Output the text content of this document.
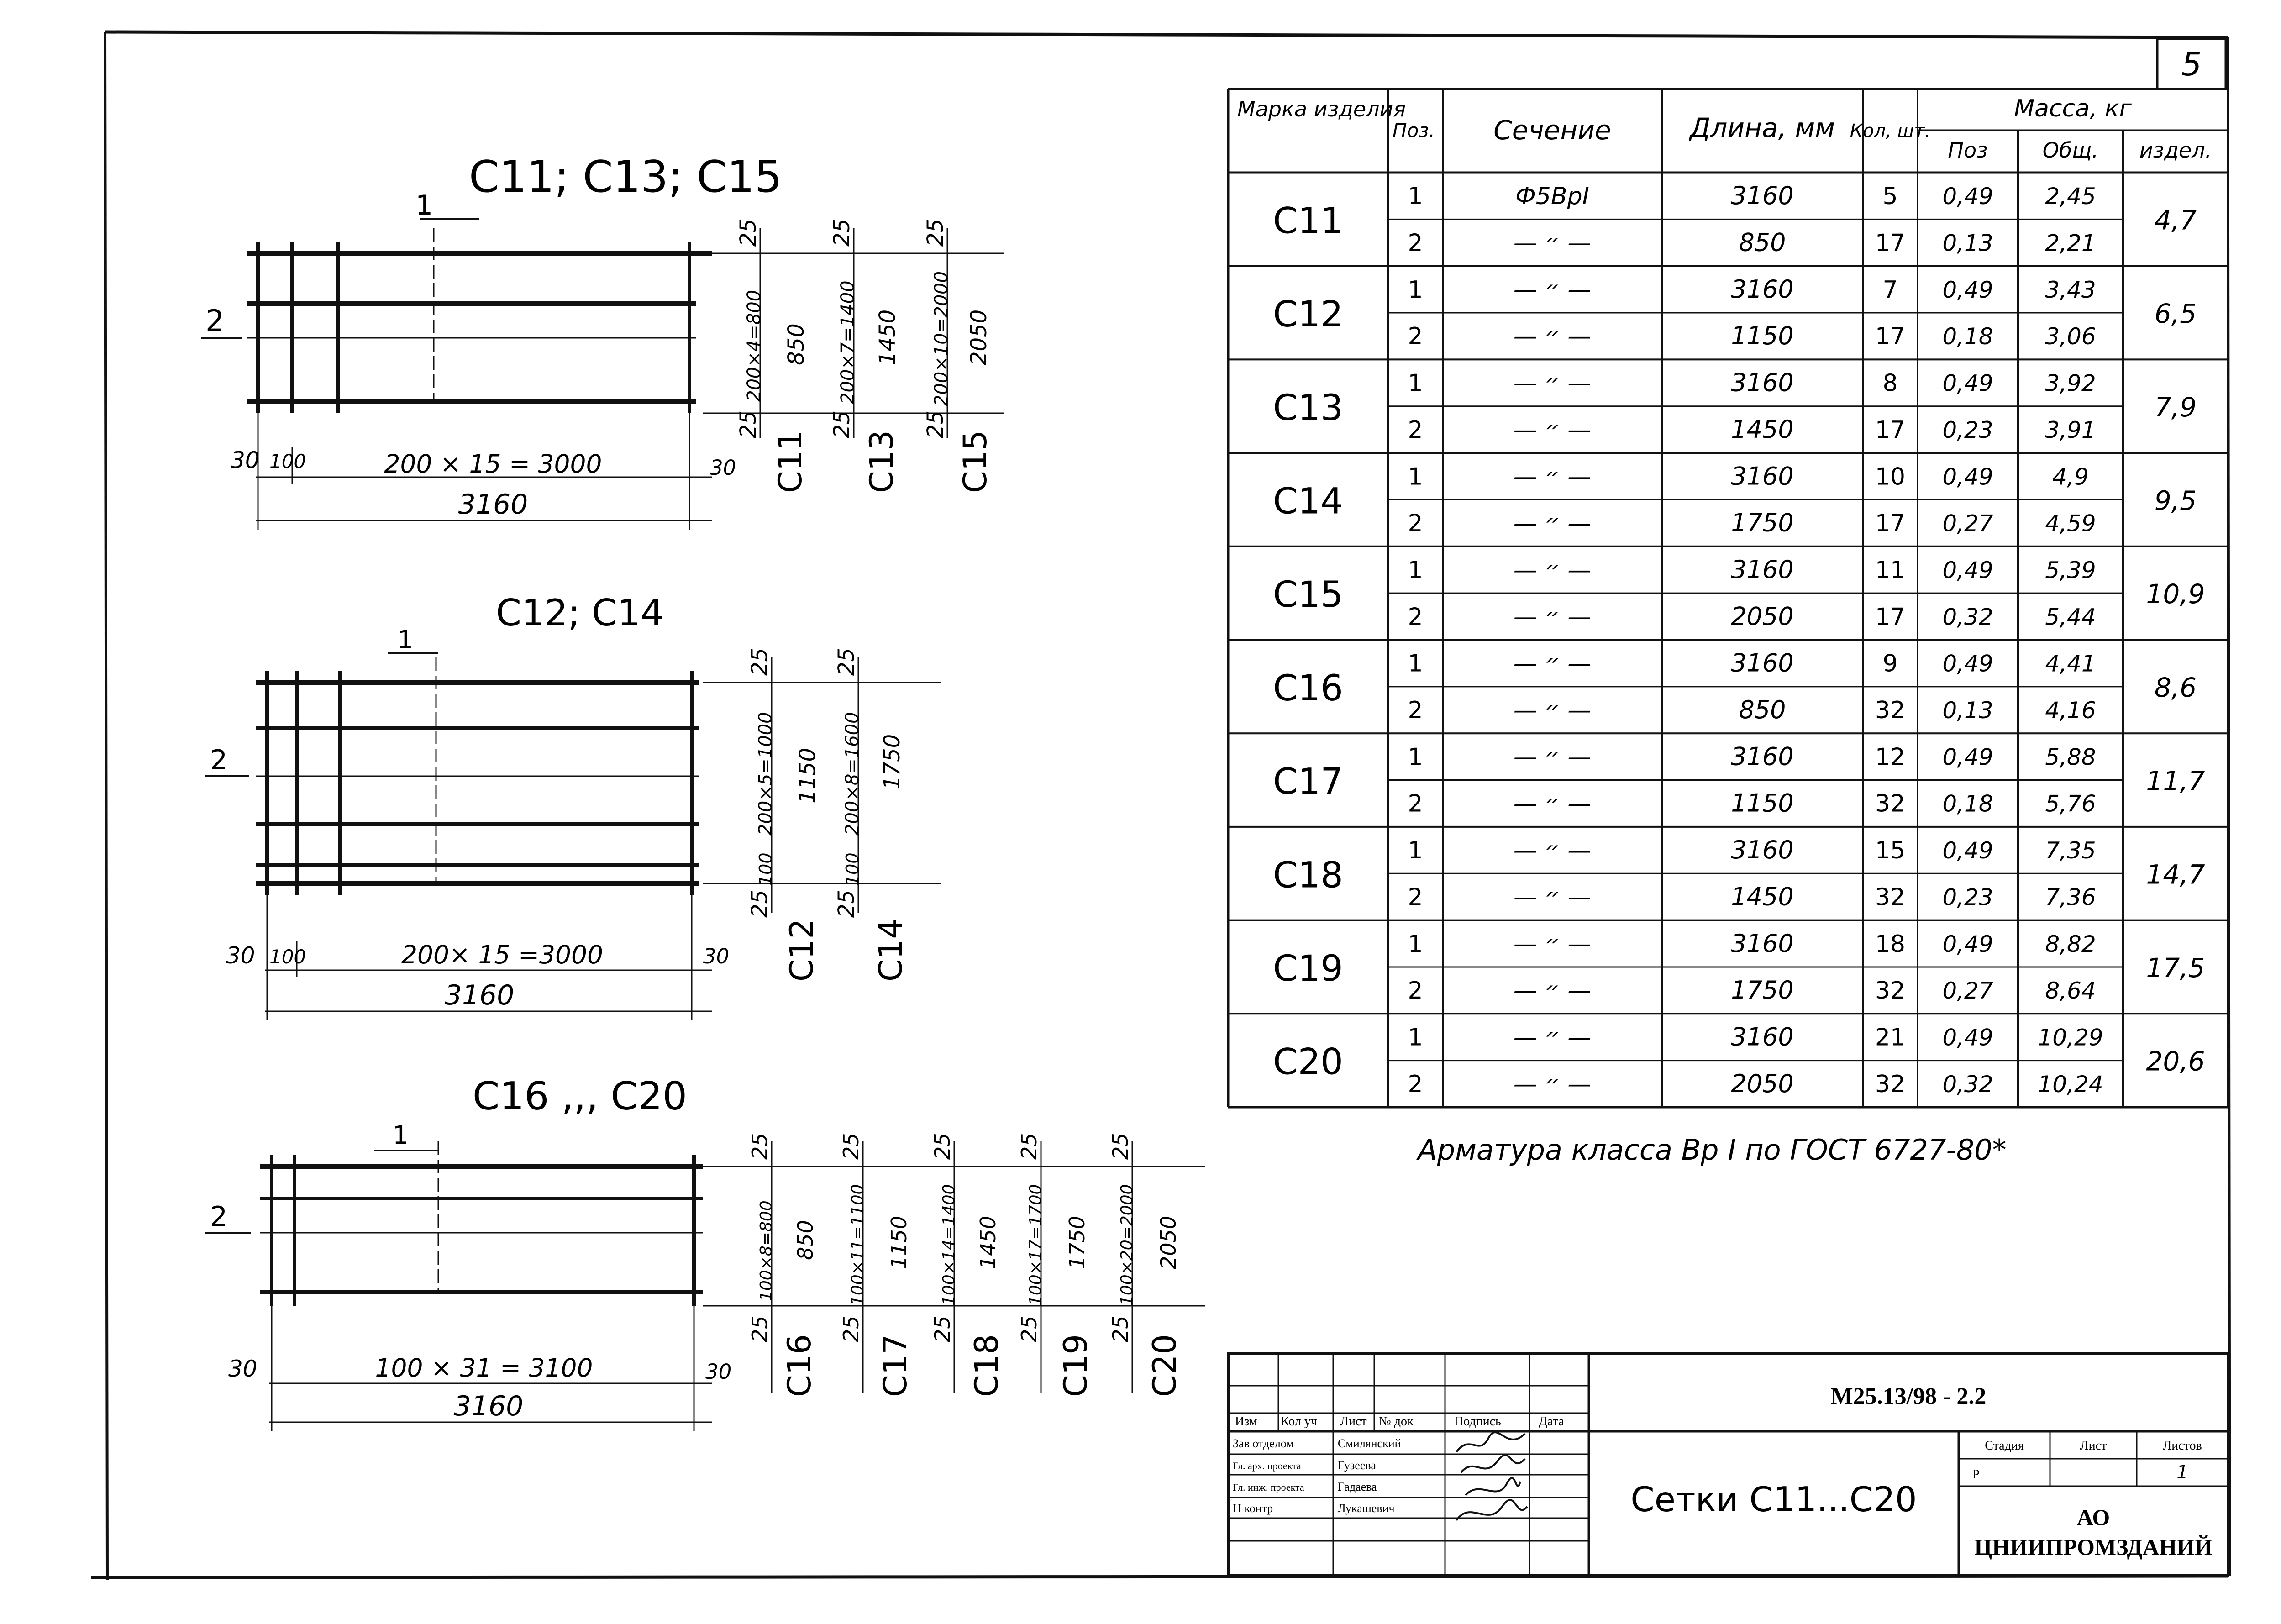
5
C11; C13; C15
1
2
30 100	200 × 15 = 3000	30
3160
25
200×4=800 850
25
C11
25
200×7=1400 1450
25
C13
25
200×10=2000 2050
25
C15
C12; C14
1
2
30 100	200× 15 =3000	30
3160
25
200×5=1000
100
1150
25
C12
25
200×8=1600
100
1750
25
C14
C16 ,,, C20
1
2
30	100 × 31 = 3100	30
3160
25
100×8=800 850
25
C16
25
100×11=1100 1150
25
C17
25
100×14=1400 1450
25
C18
25
100×17=1700 1750
25
C19
25
100×20=2000 2050
25
C20
Марка изделия
Поз. Сечение	Длина, мм Кол, шт.
Масса, кг
Поз	Общ. издел.
C11	4,7
1	Ф5ВрI	3160	5 0,49 2,45
2	— ״ —	850	17 0,13 2,21
C12	6,5
1	— ״ —	3160	7 0,49 3,43
2	— ״ —	1150	17 0,18 3,06
C13	7,9
1	— ״ —	3160	8 0,49 3,92
2	— ״ —	1450	17 0,23 3,91
C14	9,5
1	— ״ —	3160	10 0,49	4,9
2	— ״ —	1750	17 0,27 4,59
C15	10,9
1	— ״ —	3160	11 0,49 5,39
2	— ״ —	2050	17 0,32 5,44
C16	8,6
1	— ״ —	3160	9 0,49 4,41
2	— ״ —	850	32 0,13 4,16
C17	11,7
1	— ״ —	3160	12 0,49 5,88
2	— ״ —	1150	32 0,18 5,76
C18	14,7
1	— ״ —	3160	15 0,49 7,35
2	— ״ —	1450	32 0,23 7,36
C19	17,5
1	— ״ —	3160	18 0,49 8,82
2	— ״ —	1750	32 0,27 8,64
C20	20,6
1	— ״ —	3160	21 0,49 10,29
2	— ״ —	2050	32 0,32 10,24
Арматура класса Вр I по ГОСТ 6727-80*
Изм Кол уч Лист № док	Подпись	Дата
Зав отделом	Смилянский
Гл. арх. проекта	Гузеева
Гл. инж. проекта	Гадаева
Н контр	Лукашевич
М25.13/98 - 2.2
Сетки С11...С20
Стадия	Лист	Листов
Р	1
АО
ЦНИИПРОМЗДАНИЙ
